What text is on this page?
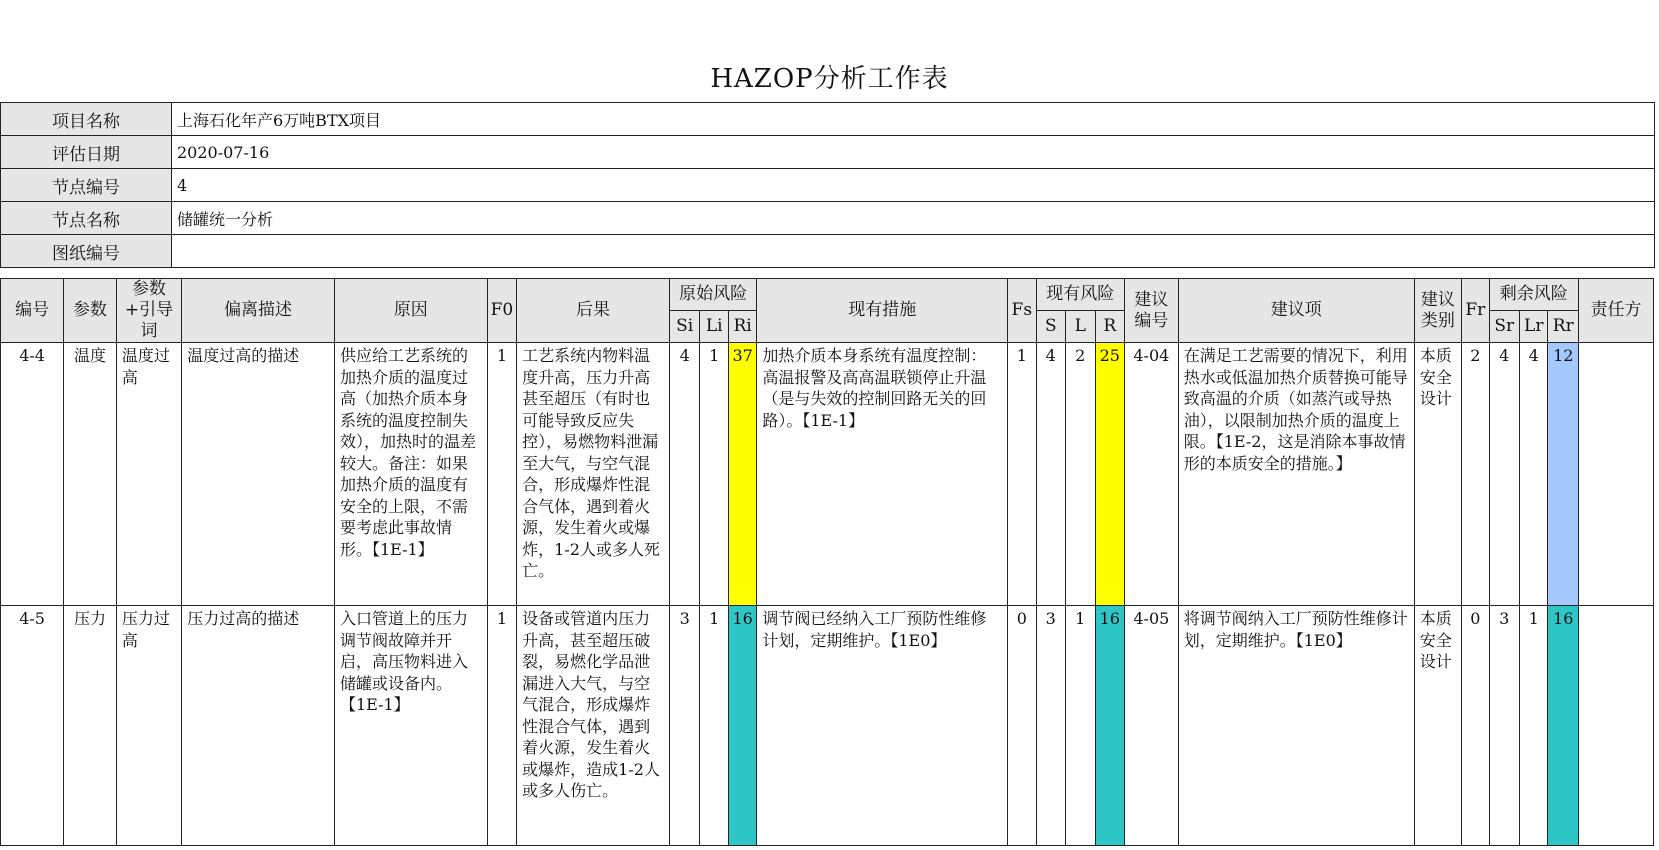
HAZOP分析工作表
项目名称	上海石化年产6万吨BTX项目
评估日期	2020-07-16
节点编号	4
节点名称	储罐统一分析
图纸编号	
编号	参数	参数+引导词	偏离描述	原因	F0	后果	原始风险			现有措施	Fs	现有风险			建议编号	建议项	建议类别	Fr	剩余风险			责任方
							Si	Li	Ri			S	L	R					Sr	Lr	Rr	
4-4	温度	温度过高	温度过高的描述	供应给工艺系统的加热介质的温度过高（加热介质本身系统的温度控制失效），加热时的温差较大。备注：如果加热介质的温度有安全的上限，不需要考虑此事故情形。【1E-1】	1	工艺系统内物料温度升高，压力升高甚至超压（有时也可能导致反应失控），易燃物料泄漏至大气，与空气混合，形成爆炸性混合气体，遇到着火源，发生着火或爆炸，1-2人或多人死亡。	4	1	37	加热介质本身系统有温度控制：高温报警及高高温联锁停止升温（是与失效的控制回路无关的回路）。【1E-1】	1	4	2	25	4-04	在满足工艺需要的情况下，利用热水或低温加热介质替换可能导致高温的介质（如蒸汽或导热油），以限制加热介质的温度上限。【1E-2，这是消除本事故情形的本质安全的措施。】	本质安全设计	2	4	4	12	
4-5	压力	压力过高	压力过高的描述	入口管道上的压力调节阀故障并开启，高压物料进入储罐或设备内。【1E-1】	1	设备或管道内压力升高，甚至超压破裂，易燃化学品泄漏进入大气，与空气混合，形成爆炸性混合气体，遇到着火源，发生着火或爆炸，造成1-2人或多人伤亡。	3	1	16	调节阀已经纳入工厂预防性维修计划，定期维护。【1E0】	0	3	1	16	4-05	将调节阀纳入工厂预防性维修计划，定期维护。【1E0】	本质安全设计	0	3	1	16	
